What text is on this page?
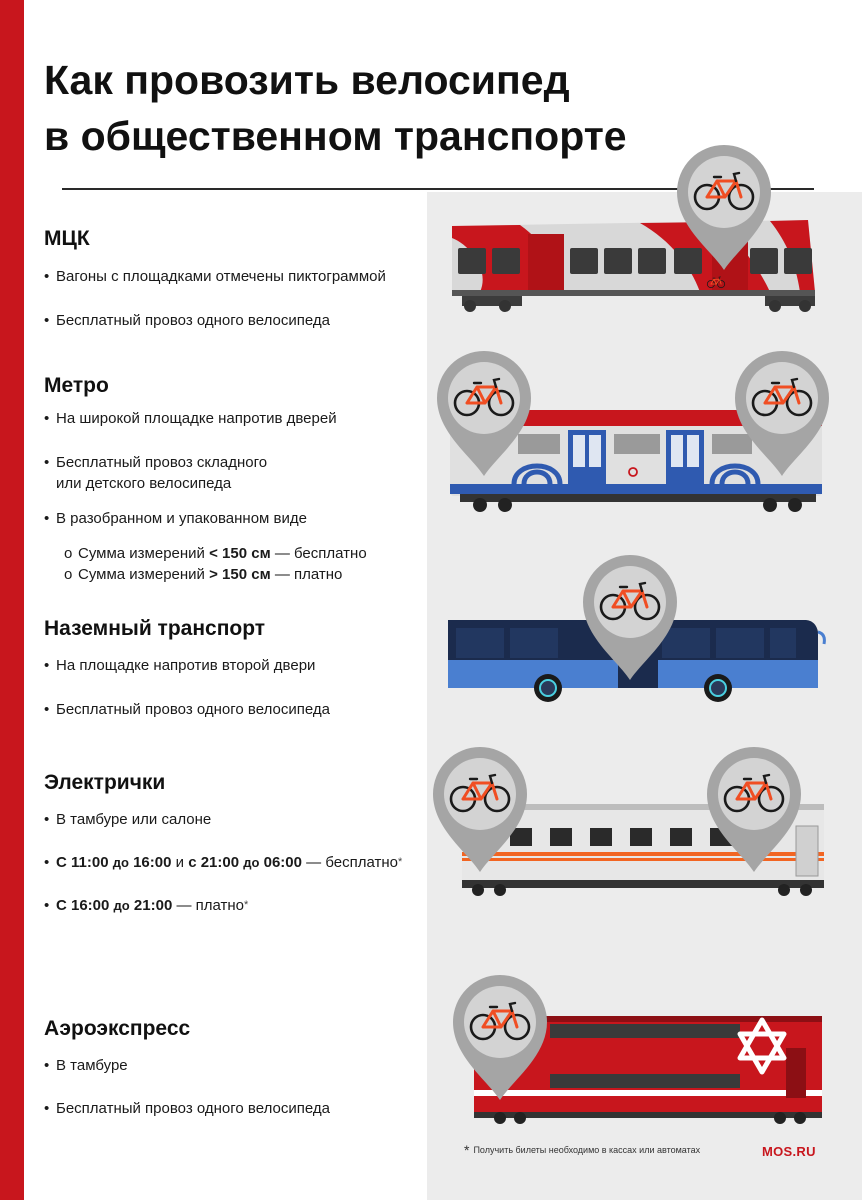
Как провозить велосипед
в общественном транспорте
МЦК
• Вагоны с площадками отмечены пиктограммой
• Бесплатный провоз одного велосипеда
Метро
• На широкой площадке напротив дверей
• Бесплатный провоз складного
или детского велосипеда
• В разобранном и упакованном виде
o Сумма измерений < 150 см — бесплатно
o Сумма измерений > 150 см — платно
Наземный транспорт
• На площадке напротив второй двери
• Бесплатный провоз одного велосипеда
Электрички
• В тамбуре или салоне
• С 11:00 до 16:00 и с 21:00 до 06:00 — бесплатно*
• С 16:00 до 21:00 — платно*
Аэроэкспресс
• В тамбуре
• Бесплатный провоз одного велосипеда
* Получить билеты необходимо в кассах или автоматах	MOS.RU
